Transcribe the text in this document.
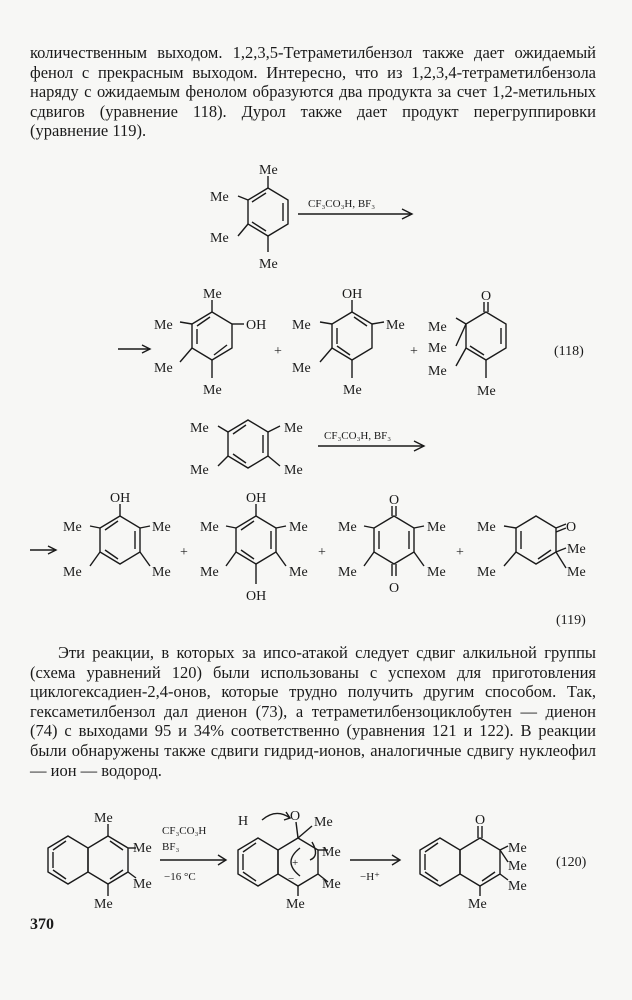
количественным выходом. 1,2,3,5-Тетраметилбензол также дает ожидаемый фенол с прекрасным выходом. Интересно, что из 1,2,3,4-тетраметилбензола наряду с ожидаемым фенолом образуются два продукта за счет 1,2-метильных сдвигов (уравнение 118). Дурол также дает продукт перегруппировки (уравнение 119).

Эти реакции, в которых за ипсо-атакой следует сдвиг алкильной группы (схема уравнений 120) были использованы с успехом для приготовления циклогексадиен-2,4-онов, которые трудно получить другим способом. Так, гексаметилбензол дал диенон (73), а тетраметилбензоциклобутен — диенон (74) с выходами 95 и 34% соответственно (уравнения 121 и 122). В реакции были обнаружены также сдвиги гидрид-ионов, аналогичные сдвигу нуклеофил — ион — водород.

370
Me
Me
Me
Me
CF₃CO₃H, BF₃
Me
Me
Me
Me
OH
+
OH
Me
Me
Me
Me
+
O
Me
Me
Me
Me
(118)
Me
Me
Me
Me
CF₃CO₃H, BF₃
OH
Me
Me
Me
Me
+
OH
OH
Me
Me
Me
Me
+
O
O
Me
Me
Me
Me
+
O
Me
Me
Me
Me
(119)
Me
Me
Me
Me
CF₃CO₃H
BF₃
−16 °C
H	O Me
Me
Me
Me
+
−	−H⁺
O
Me
Me
Me
Me
(120)
